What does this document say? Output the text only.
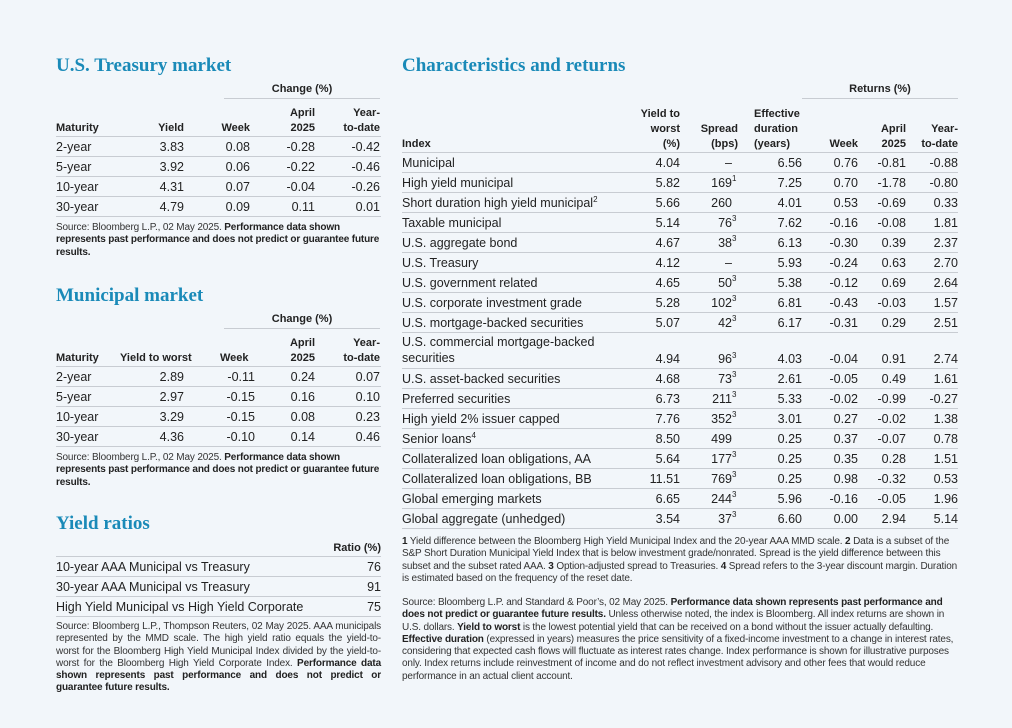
U.S. Treasury market
Change (%)
Maturity	Yield	Week
April
2025
Year-
to-date
2-year	3.83	0.08	-0.28	-0.42
5-year	3.92	0.06	-0.22	-0.46
10-year	4.31	0.07	-0.04	-0.26
30-year	4.79	0.09	0.11	0.01
Source: Bloomberg L.P., 02 May 2025. Performance data shown represents past performance and does not predict or guarantee future results.
Municipal market
Change (%)
Maturity	Yield to worst	Week
April
2025
Year-
to-date
2-year	2.89	-0.11	0.24	0.07
5-year	2.97	-0.15	0.16	0.10
10-year	3.29	-0.15	0.08	0.23
30-year	4.36	-0.10	0.14	0.46
Source: Bloomberg L.P., 02 May 2025. Performance data shown represents past performance and does not predict or guarantee future results.
Yield ratios
Ratio (%)
10-year AAA Municipal vs Treasury	76
30-year AAA Municipal vs Treasury	91
High Yield Municipal vs High Yield Corporate	75
Source: Bloomberg L.P., Thompson Reuters, 02 May 2025. AAA municipals represented by the MMD scale. The high yield ratio equals the yield-to-worst for the Bloomberg High Yield Municipal Index divided by the yield-to-worst for the Bloomberg High Yield Corporate Index. Performance data shown represents past performance and does not predict or guarantee future results.
Characteristics and returns
Returns (%)
Index
Yield to
worst
(%)
Spread
(bps)
Effective
duration
(years)	Week
April
2025
Year-
to-date
Municipal	4.04	–	6.56	0.76	-0.81	-0.88
High yield municipal	5.82	$169^1$	7.25	0.70	-1.78	-0.80
Short duration high yield municipal$^2$	5.66	260	4.01	0.53	-0.69	0.33
Taxable municipal	5.14	$76^3$	7.62	-0.16	-0.08	1.81
U.S. aggregate bond	4.67	$38^3$	6.13	-0.30	0.39	2.37
U.S. Treasury	4.12	–	5.93	-0.24	0.63	2.70
U.S. government related	4.65	$50^3$	5.38	-0.12	0.69	2.64
U.S. corporate investment grade	5.28	$102^3$	6.81	-0.43	-0.03	1.57
U.S. mortgage-backed securities	5.07	$42^3$	6.17	-0.31	0.29	2.51
U.S. commercial mortgage-backed
securities	4.94	$96^3$	4.03	-0.04	0.91	2.74
U.S. asset-backed securities	4.68	$73^3$	2.61	-0.05	0.49	1.61
Preferred securities	6.73	$211^3$	5.33	-0.02	-0.99	-0.27
High yield 2% issuer capped	7.76	$352^3$	3.01	0.27	-0.02	1.38
Senior loans$^4$	8.50	499	0.25	0.37	-0.07	0.78
Collateralized loan obligations, AA	5.64	$177^3$	0.25	0.35	0.28	1.51
Collateralized loan obligations, BB	11.51	$769^3$	0.25	0.98	-0.32	0.53
Global emerging markets	6.65	$244^3$	5.96	-0.16	-0.05	1.96
Global aggregate (unhedged)	3.54	$37^3$	6.60	0.00	2.94	5.14
1 Yield difference between the Bloomberg High Yield Municipal Index and the 20-year AAA MMD scale. 2 Data is a subset of the S&P Short Duration Municipal Yield Index that is below investment grade/nonrated. Spread is the yield difference between this subset and the subset rated AAA. 3 Option-adjusted spread to Treasuries. 4 Spread refers to the 3-year discount margin. Duration is estimated based on the frequency of the reset date.
Source: Bloomberg L.P. and Standard & Poor’s, 02 May 2025. Performance data shown represents past performance and does not predict or guarantee future results. Unless otherwise noted, the index is Bloomberg. All index returns are shown in U.S. dollars. Yield to worst is the lowest potential yield that can be received on a bond without the issuer actually defaulting. Effective duration (expressed in years) measures the price sensitivity of a fixed-income investment to a change in interest rates, considering that expected cash flows will fluctuate as interest rates change. Index performance is shown for illustrative purposes only. Index returns include reinvestment of income and do not reflect investment advisory and other fees that would reduce performance in an actual client account.
